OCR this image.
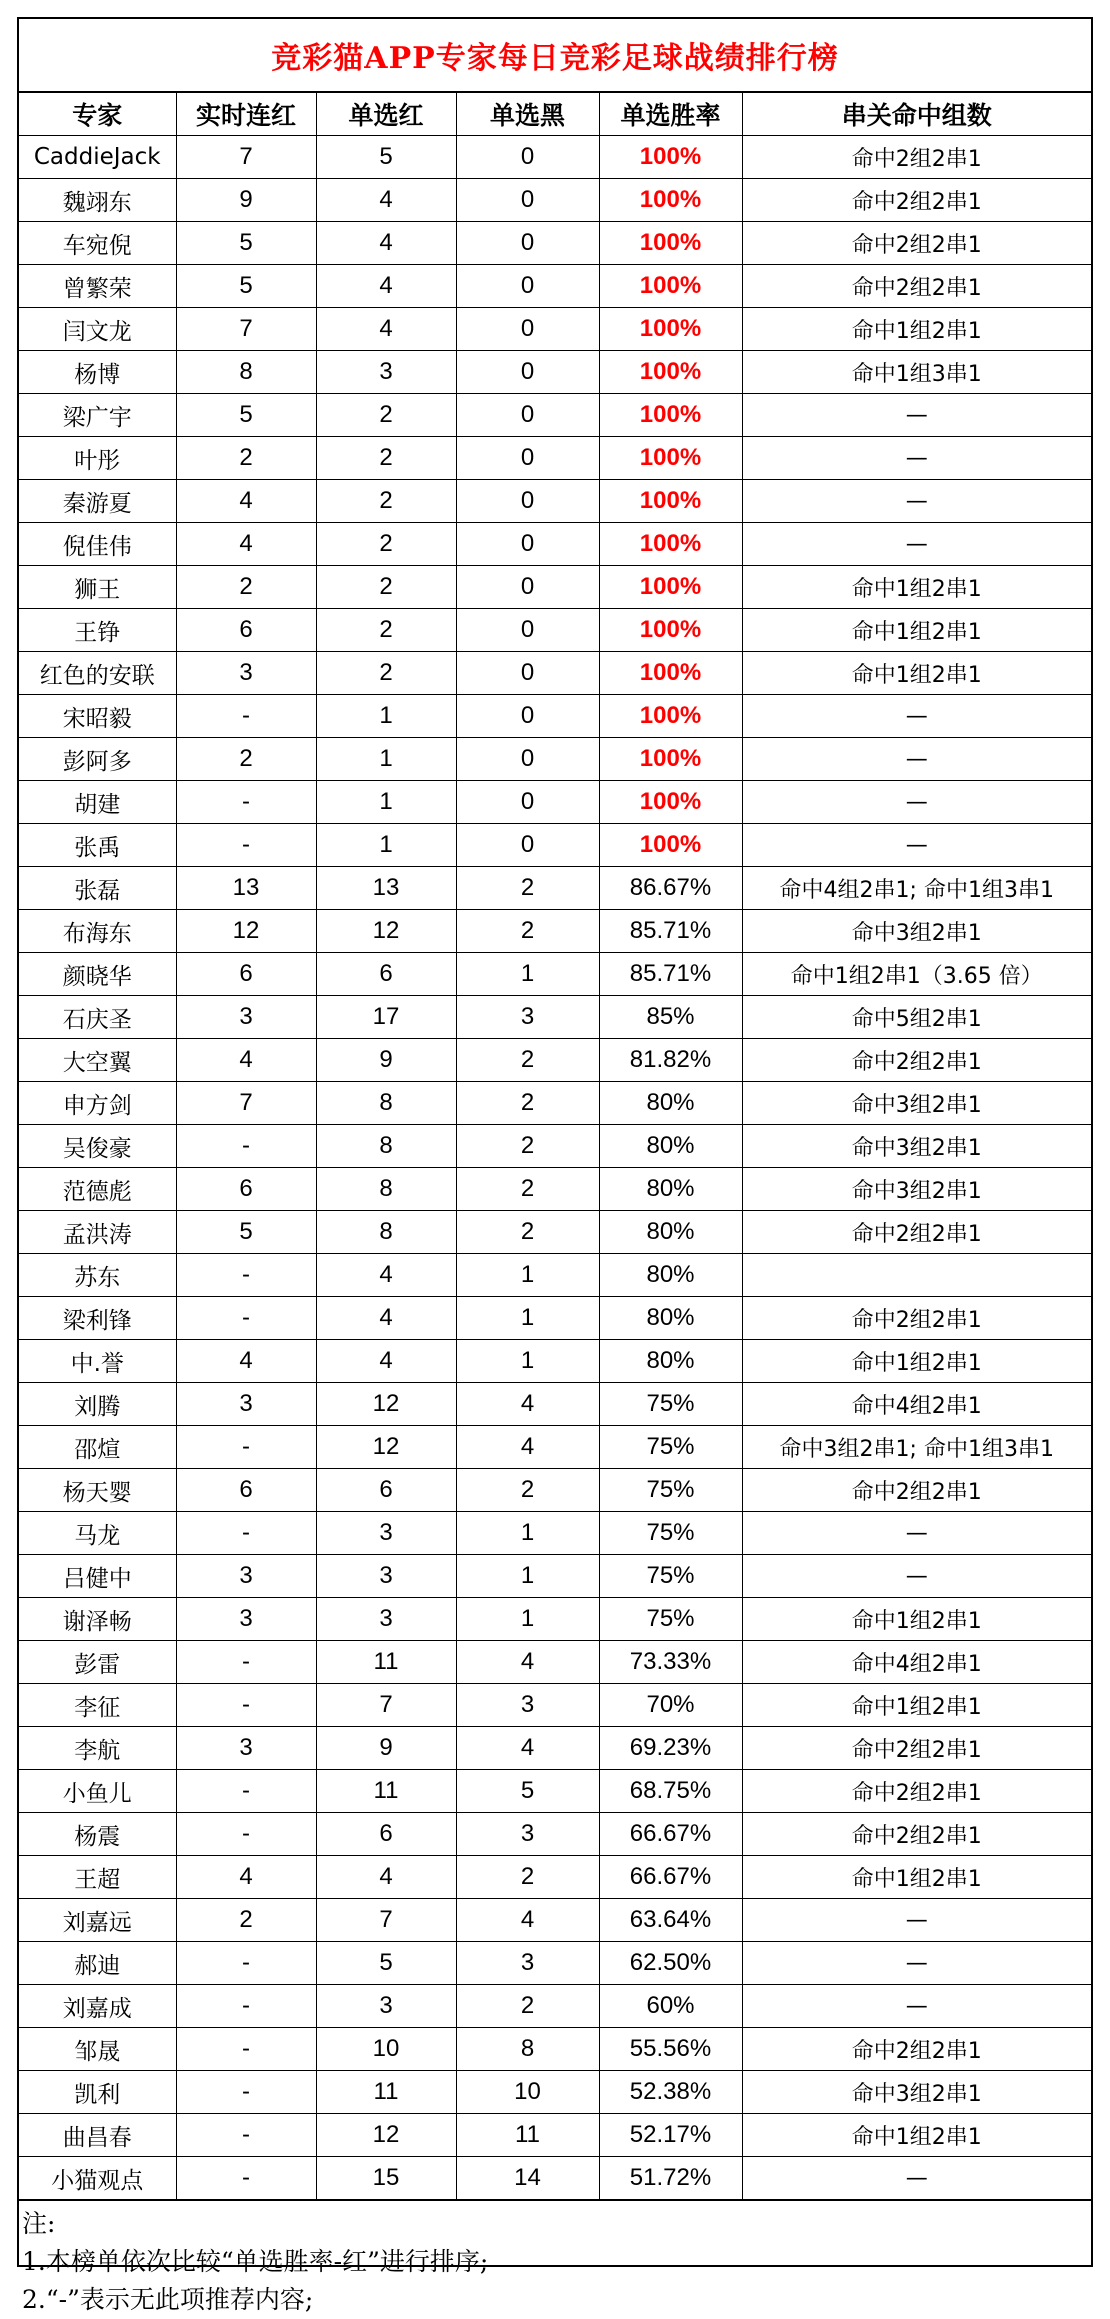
竞彩猫APP专家每日竞彩足球战绩排行榜
专家	实时连红	单选红	单选黑	单选胜率	串关命中组数
CaddieJack	7	5	0	100%	命中2组2串1
魏翊东	9	4	0	100%	命中2组2串1
车宛倪	5	4	0	100%	命中2组2串1
曾繁荣	5	4	0	100%	命中2组2串1
闫文龙	7	4	0	100%	命中1组2串1
杨博	8	3	0	100%	命中1组3串1
梁广宇	5	2	0	100%	—
叶彤	2	2	0	100%	—
秦游夏	4	2	0	100%	—
倪佳伟	4	2	0	100%	—
狮王	2	2	0	100%	命中1组2串1
王铮	6	2	0	100%	命中1组2串1
红色的安联	3	2	0	100%	命中1组2串1
宋昭毅	-	1	0	100%	—
彭阿多	2	1	0	100%	—
胡建	-	1	0	100%	—
张禹	-	1	0	100%	—
张磊	13	13	2	86.67%	命中4组2串1; 命中1组3串1
布海东	12	12	2	85.71%	命中3组2串1
颜晓华	6	6	1	85.71%	命中1组2串1（3.65 倍）
石庆圣	3	17	3	85%	命中5组2串1
大空翼	4	9	2	81.82%	命中2组2串1
申方剑	7	8	2	80%	命中3组2串1
吴俊豪	-	8	2	80%	命中3组2串1
范德彪	6	8	2	80%	命中3组2串1
孟洪涛	5	8	2	80%	命中2组2串1
苏东	-	4	1	80%	
梁利锋	-	4	1	80%	命中2组2串1
中.誉	4	4	1	80%	命中1组2串1
刘腾	3	12	4	75%	命中4组2串1
邵煊	-	12	4	75%	命中3组2串1; 命中1组3串1
杨天婴	6	6	2	75%	命中2组2串1
马龙	-	3	1	75%	—
吕健中	3	3	1	75%	—
谢泽畅	3	3	1	75%	命中1组2串1
彭雷	-	11	4	73.33%	命中4组2串1
李征	-	7	3	70%	命中1组2串1
李航	3	9	4	69.23%	命中2组2串1
小鱼儿	-	11	5	68.75%	命中2组2串1
杨震	-	6	3	66.67%	命中2组2串1
王超	4	4	2	66.67%	命中1组2串1
刘嘉远	2	7	4	63.64%	—
郝迪	-	5	3	62.50%	—
刘嘉成	-	3	2	60%	—
邹晟	-	10	8	55.56%	命中2组2串1
凯利	-	11	10	52.38%	命中3组2串1
曲昌春	-	12	11	52.17%	命中1组2串1
小猫观点	-	15	14	51.72%	—
注:
1.本榜单依次比较“单选胜率-红”进行排序;
2.“-”表示无此项推荐内容;
